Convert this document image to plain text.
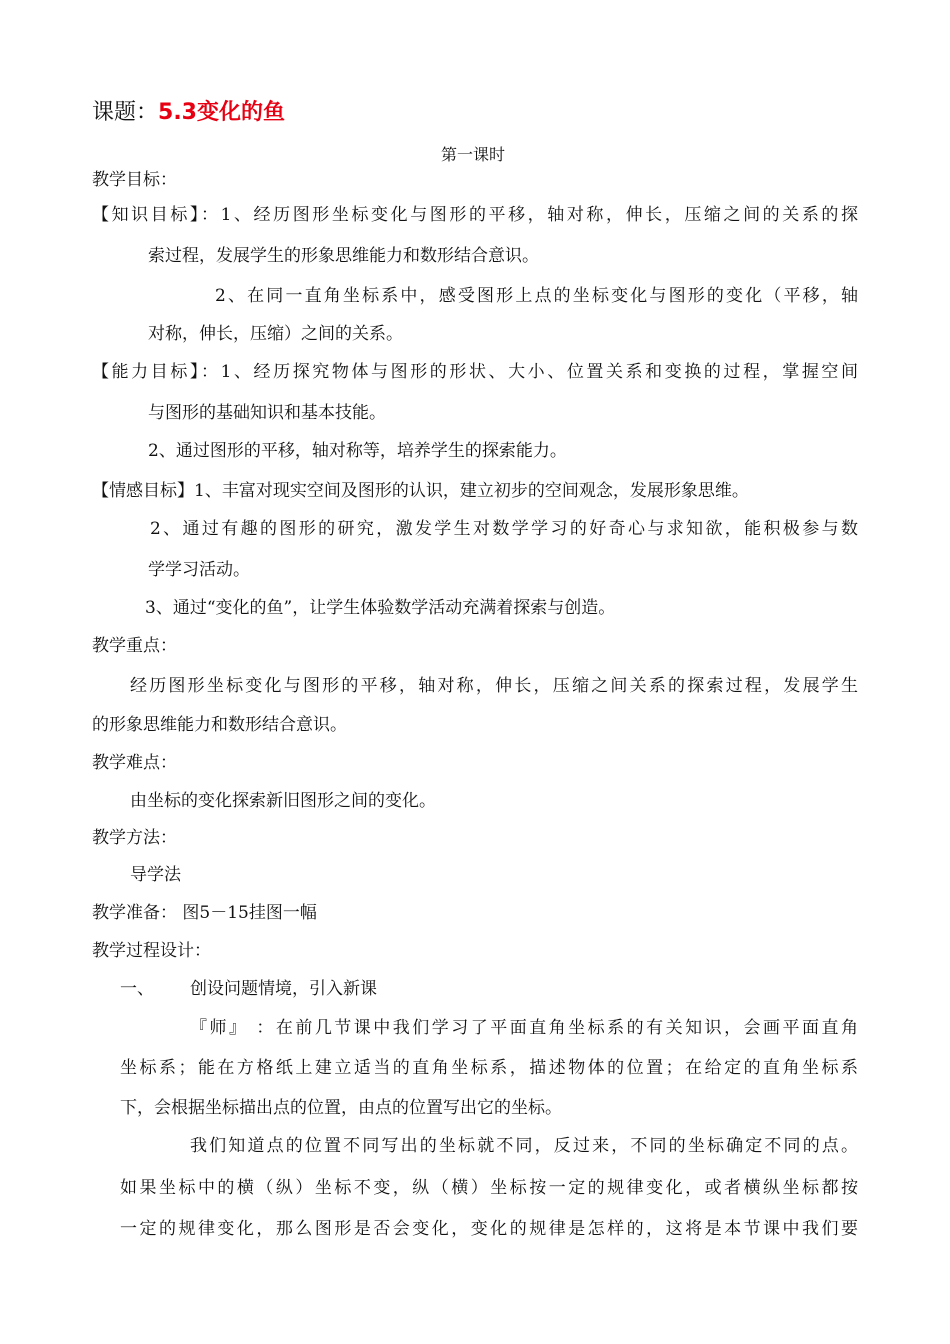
课题：5.3变化的鱼
第一课时
教学目标：
【知识目标】：1、经历图形坐标变化与图形的平移，轴对称，伸长，压缩之间的关系的探
索过程，发展学生的形象思维能力和数形结合意识。
2、在同一直角坐标系中，感受图形上点的坐标变化与图形的变化（平移，轴
对称，伸长，压缩）之间的关系。
【能力目标】：1、经历探究物体与图形的形状、大小、位置关系和变换的过程，掌握空间
与图形的基础知识和基本技能。
2、通过图形的平移，轴对称等，培养学生的探索能力。
【情感目标】1、丰富对现实空间及图形的认识，建立初步的空间观念，发展形象思维。
2、通过有趣的图形的研究，激发学生对数学学习的好奇心与求知欲，能积极参与数
学学习活动。
3、通过“变化的鱼”，让学生体验数学活动充满着探索与创造。
教学重点：
经历图形坐标变化与图形的平移，轴对称，伸长，压缩之间关系的探索过程，发展学生
的形象思维能力和数形结合意识。
教学难点：
由坐标的变化探索新旧图形之间的变化。
教学方法：
导学法
教学准备： 图5－15挂图一幅
教学过程设计：
一、 创设问题情境，引入新课
『师』 ：在前几节课中我们学习了平面直角坐标系的有关知识，会画平面直角
坐标系；能在方格纸上建立适当的直角坐标系，描述物体的位置；在给定的直角坐标系
下，会根据坐标描出点的位置，由点的位置写出它的坐标。
我们知道点的位置不同写出的坐标就不同，反过来，不同的坐标确定不同的点。
如果坐标中的横（纵）坐标不变，纵（横）坐标按一定的规律变化，或者横纵坐标都按
一定的规律变化，那么图形是否会变化，变化的规律是怎样的，这将是本节课中我们要
